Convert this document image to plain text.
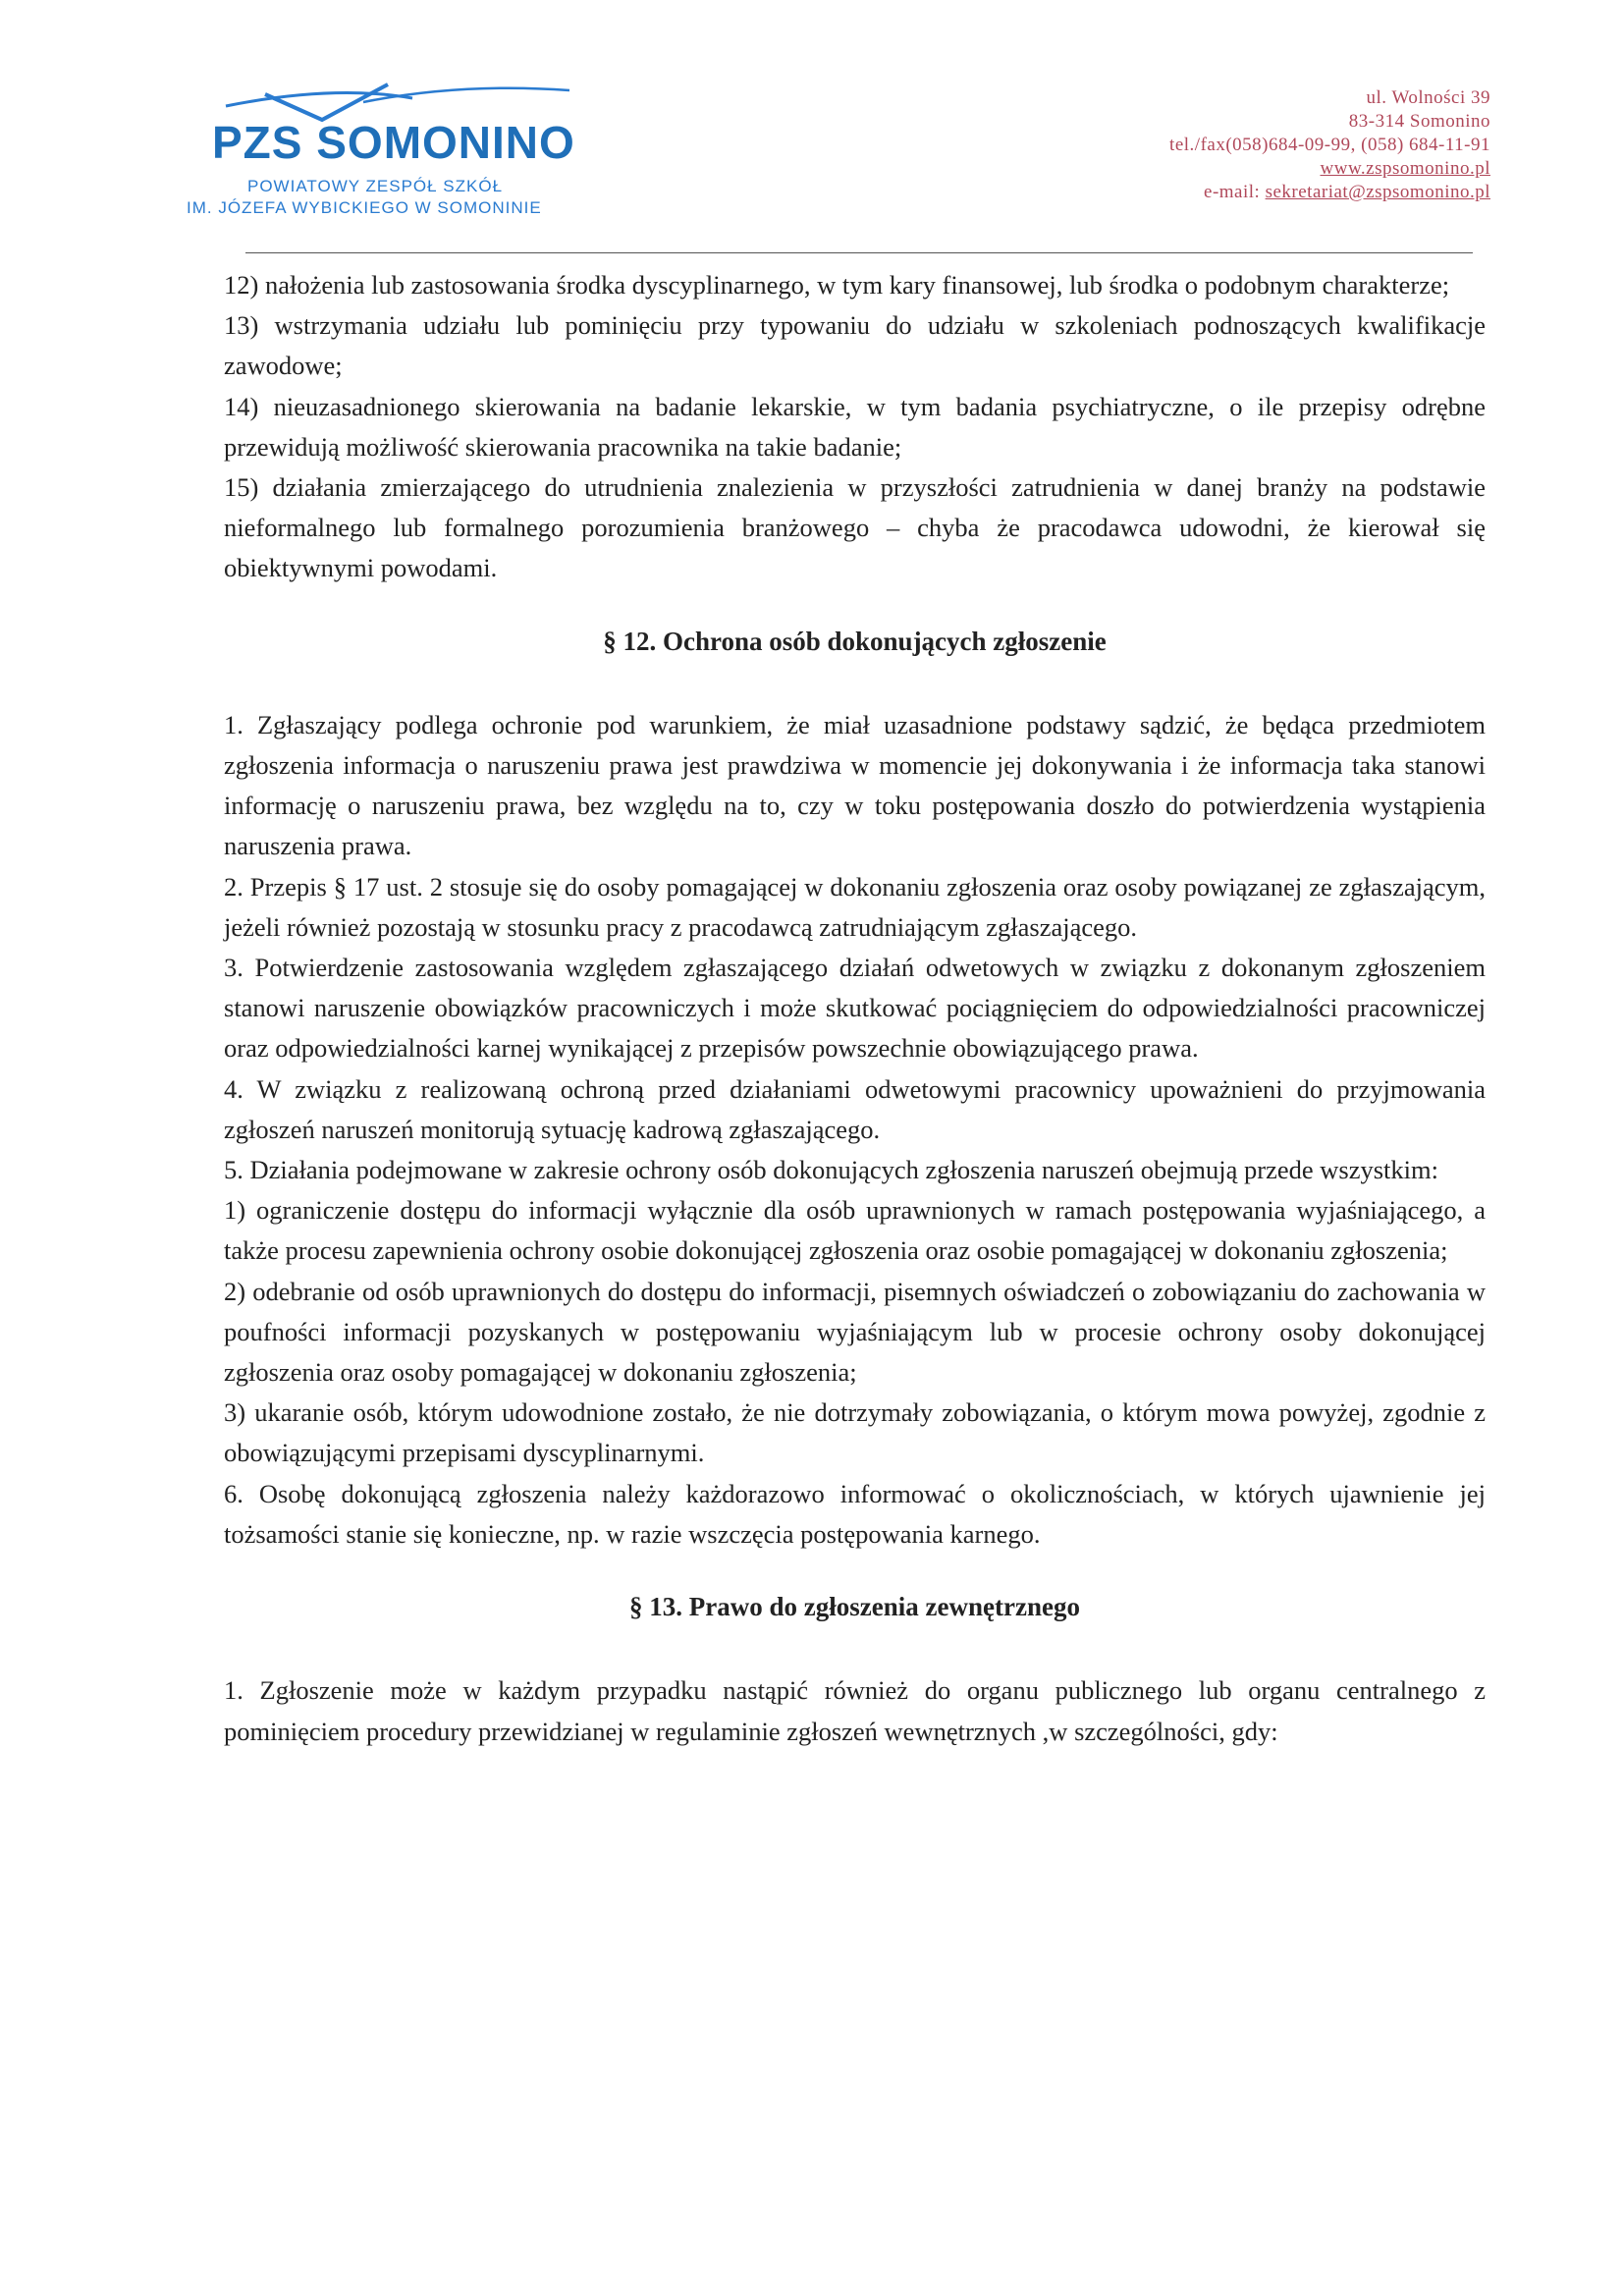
PZS SOMONINO
POWIATOWY ZESPÓŁ SZKÓŁ
IM. JÓZEFA WYBICKIEGO W SOMONINIE
ul. Wolności 39
83-314 Somonino
tel./fax(058)684-09-99, (058) 684-11-91
www.zspsomonino.pl
e-mail: sekretariat@zspsomonino.pl

12) nałożenia lub zastosowania środka dyscyplinarnego, w tym kary finansowej, lub środka o podobnym charakterze;

13) wstrzymania udziału lub pominięciu przy typowaniu do udziału w szkoleniach podnoszących kwalifikacje zawodowe;

14) nieuzasadnionego skierowania na badanie lekarskie, w tym badania psychiatryczne, o ile przepisy odrębne przewidują możliwość skierowania pracownika na takie badanie;

15) działania zmierzającego do utrudnienia znalezienia w przyszłości zatrudnienia w danej branży na podstawie nieformalnego lub formalnego porozumienia branżowego – chyba że pracodawca udowodni, że kierował się obiektywnymi powodami.

§ 12. Ochrona osób dokonujących zgłoszenie

1. Zgłaszający podlega ochronie pod warunkiem, że miał uzasadnione podstawy sądzić, że będąca przedmiotem zgłoszenia informacja o naruszeniu prawa jest prawdziwa w momencie jej dokonywania i że informacja taka stanowi informację o naruszeniu prawa, bez względu na to, czy w toku postępowania doszło do potwierdzenia wystąpienia naruszenia prawa.

2. Przepis § 17 ust. 2 stosuje się do osoby pomagającej w dokonaniu zgłoszenia oraz osoby powiązanej ze zgłaszającym, jeżeli również pozostają w stosunku pracy z pracodawcą zatrudniającym zgłaszającego.

3. Potwierdzenie zastosowania względem zgłaszającego działań odwetowych w związku z dokonanym zgłoszeniem stanowi naruszenie obowiązków pracowniczych i może skutkować pociągnięciem do odpowiedzialności pracowniczej oraz odpowiedzialności karnej wynikającej z przepisów powszechnie obowiązującego prawa.

4. W związku z realizowaną ochroną przed działaniami odwetowymi pracownicy upoważnieni do przyjmowania zgłoszeń naruszeń monitorują sytuację kadrową zgłaszającego.

5. Działania podejmowane w zakresie ochrony osób dokonujących zgłoszenia naruszeń obejmują przede wszystkim:

1) ograniczenie dostępu do informacji wyłącznie dla osób uprawnionych w ramach postępowania wyjaśniającego, a także procesu zapewnienia ochrony osobie dokonującej zgłoszenia oraz osobie pomagającej w dokonaniu zgłoszenia;

2) odebranie od osób uprawnionych do dostępu do informacji, pisemnych oświadczeń o zobowiązaniu do zachowania w poufności informacji pozyskanych w postępowaniu wyjaśniającym lub w procesie ochrony osoby dokonującej zgłoszenia oraz osoby pomagającej w dokonaniu zgłoszenia;

3) ukaranie osób, którym udowodnione zostało, że nie dotrzymały zobowiązania, o którym mowa powyżej, zgodnie z obowiązującymi przepisami dyscyplinarnymi.

6. Osobę dokonującą zgłoszenia należy każdorazowo informować o okolicznościach, w których ujawnienie jej tożsamości stanie się konieczne, np. w razie wszczęcia postępowania karnego.

§ 13. Prawo do zgłoszenia zewnętrznego

1. Zgłoszenie może w każdym przypadku nastąpić również do organu publicznego lub organu centralnego z pominięciem procedury przewidzianej w regulaminie zgłoszeń wewnętrznych ,w szczególności, gdy:
